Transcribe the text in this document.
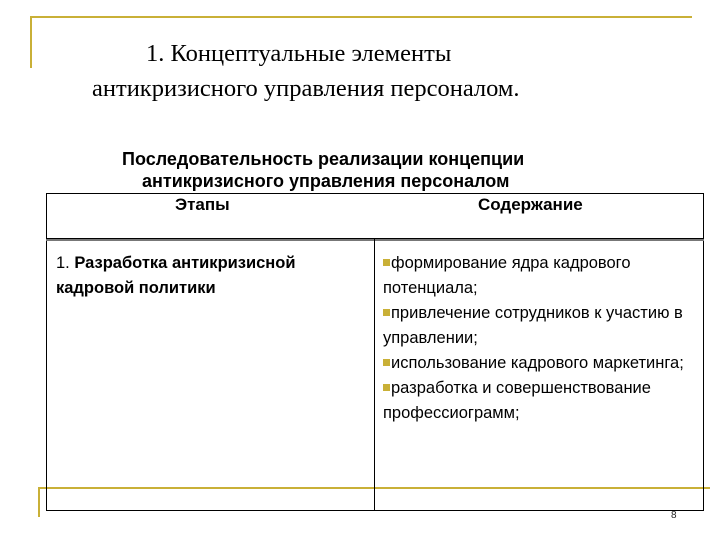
1. Концептуальные элементы
антикризисного управления персоналом.
Последовательность реализации концепции
антикризисного управления персоналом
Этапы	Содержание
1. Разработка антикризисной кадровой политики
формирование ядра кадрового потенциала;
привлечение сотрудников к участию в управлении;
использование кадрового маркетинга;
разработка и совершенствование профессиограмм;
8
